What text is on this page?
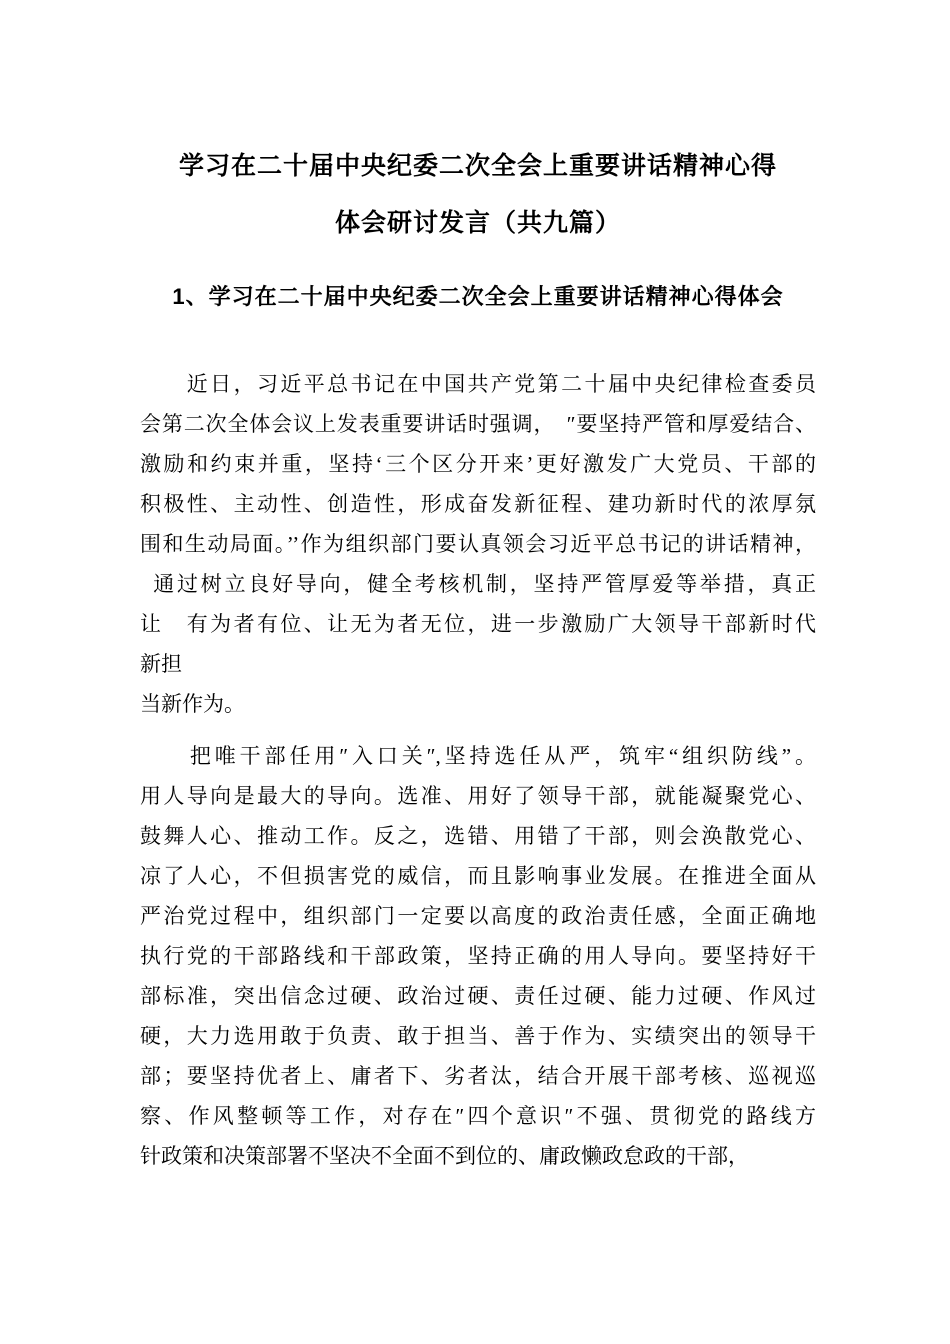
学习在二十届中央纪委二次全会上重要讲话精神心得
体会研讨发言（共九篇）
1、学习在二十届中央纪委二次全会上重要讲话精神心得体会
　　近日，习近平总书记在中国共产党第二十届中央纪律检查委员
会第二次全体会议上发表重要讲话时强调，　″要坚持严管和厚爱结合、
激励和约束并重，坚持‘三个区分开来’更好激发广大党员、干部的
积极性、主动性、创造性，形成奋发新征程、建功新时代的浓厚氛
围和生动局面。’’作为组织部门要认真领会习近平总书记的讲话精神，
 通过树立良好导向，健全考核机制，坚持严管厚爱等举措，真正
让　有为者有位、让无为者无位，进一步激励广大领导干部新时代
新担
当新作为。
　　把唯干部任用″入口关″,坚持选任从严，筑牢“组织防线”。
用人导向是最大的导向。选准、用好了领导干部，就能凝聚党心、
鼓舞人心、推动工作。反之，选错、用错了干部，则会涣散党心、
凉了人心，不但损害党的威信，而且影响事业发展。在推进全面从
严治党过程中，组织部门一定要以高度的政治责任感，全面正确地
执行党的干部路线和干部政策，坚持正确的用人导向。要坚持好干
部标准，突出信念过硬、政治过硬、责任过硬、能力过硬、作风过
硬，大力选用敢于负责、敢于担当、善于作为、实绩突出的领导干
部；要坚持优者上、庸者下、劣者汰，结合开展干部考核、巡视巡
察、作风整顿等工作，对存在″四个意识″不强、贯彻党的路线方
针政策和决策部署不坚决不全面不到位的、庸政懒政怠政的干部，
